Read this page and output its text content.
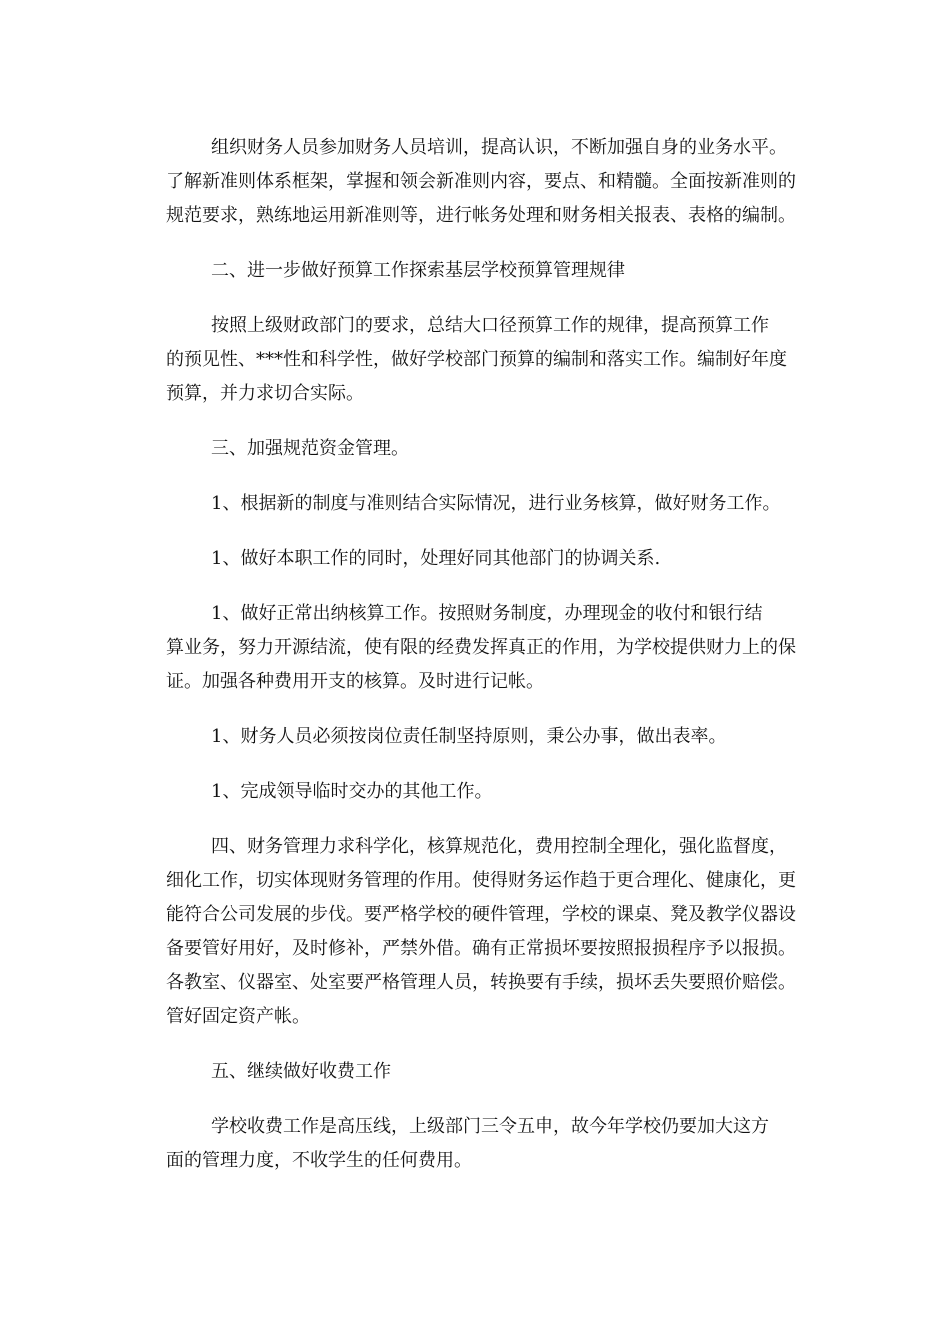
组织财务人员参加财务人员培训，提高认识，不断加强自身的业务水平。
了解新准则体系框架，掌握和领会新准则内容，要点、和精髓。全面按新准则的
规范要求，熟练地运用新准则等，进行帐务处理和财务相关报表、表格的编制。
二、进一步做好预算工作探索基层学校预算管理规律
按照上级财政部门的要求，总结大口径预算工作的规律，提高预算工作
的预见性、***性和科学性，做好学校部门预算的编制和落实工作。编制好年度
预算，并力求切合实际。
三、加强规范资金管理。
1、根据新的制度与准则结合实际情况，进行业务核算，做好财务工作。
1、做好本职工作的同时，处理好同其他部门的协调关系.
1、做好正常出纳核算工作。按照财务制度，办理现金的收付和银行结
算业务，努力开源结流，使有限的经费发挥真正的作用，为学校提供财力上的保
证。加强各种费用开支的核算。及时进行记帐。
1、财务人员必须按岗位责任制坚持原则，秉公办事，做出表率。
1、完成领导临时交办的其他工作。
四、财务管理力求科学化，核算规范化，费用控制全理化，强化监督度，
细化工作，切实体现财务管理的作用。使得财务运作趋于更合理化、健康化，更
能符合公司发展的步伐。要严格学校的硬件管理，学校的课桌、凳及教学仪器设
备要管好用好，及时修补，严禁外借。确有正常损坏要按照报损程序予以报损。
各教室、仪器室、处室要严格管理人员，转换要有手续，损坏丢失要照价赔偿。
管好固定资产帐。
五、继续做好收费工作
学校收费工作是高压线，上级部门三令五申，故今年学校仍要加大这方
面的管理力度，不收学生的任何费用。
